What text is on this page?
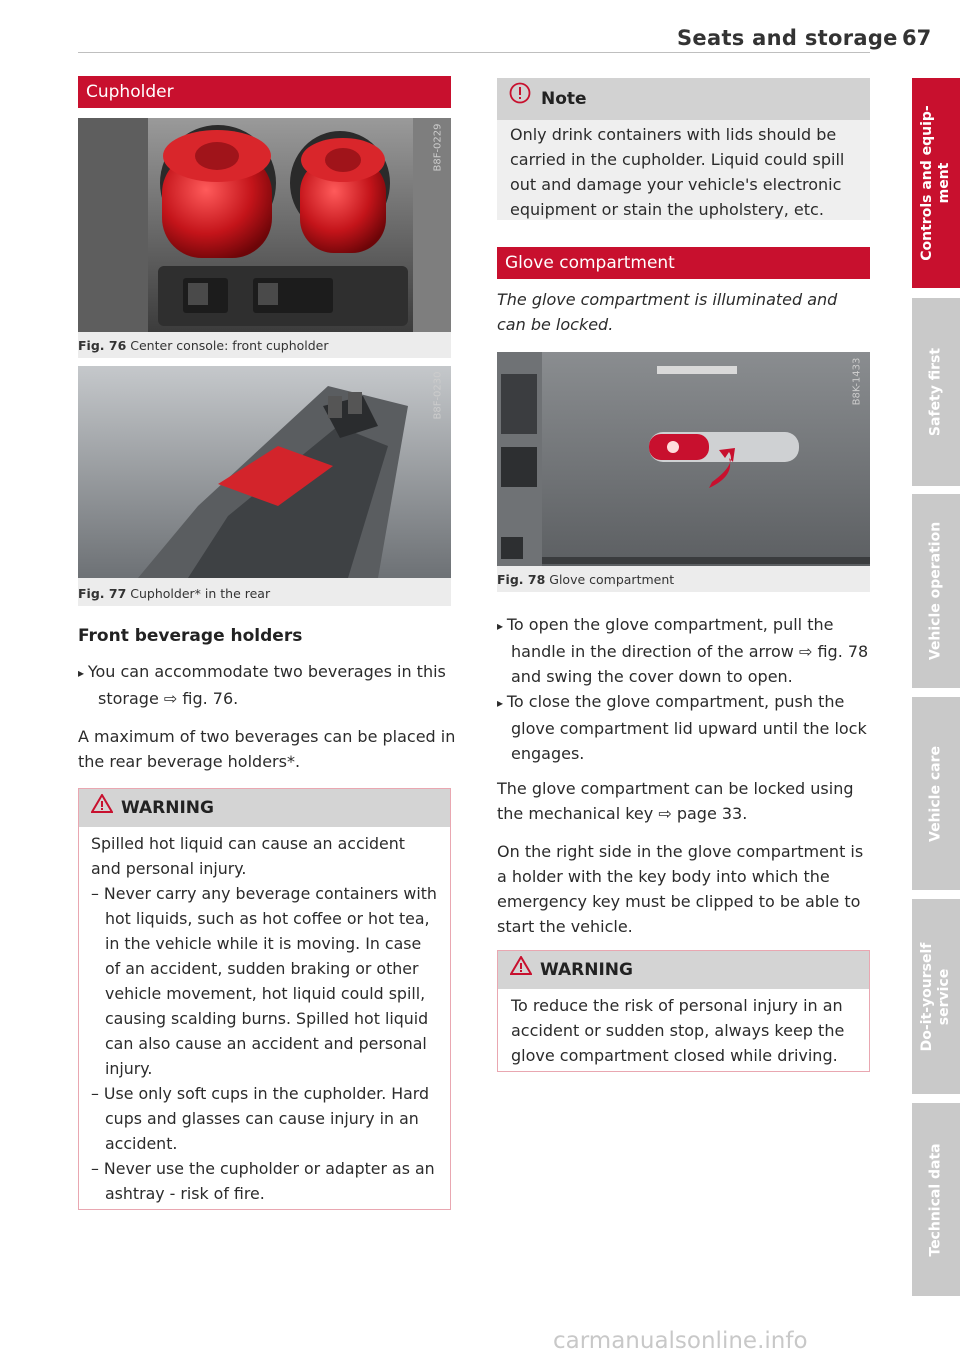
Seats and storage 67
Cupholder
B8F-0229
Fig. 76 Center console: front cupholder
B8F-0230
Fig. 77 Cupholder* in the rear
Front beverage holders
▸ You can accommodate two beverages in this
storage ⇨ fig. 76.
A maximum of two beverages can be placed in
the rear beverage holders*.
WARNING
Spilled hot liquid can cause an accident
and personal injury.
– Never carry any beverage containers with
hot liquids, such as hot coffee or hot tea,
in the vehicle while it is moving. In case
of an accident, sudden braking or other
vehicle movement, hot liquid could spill,
causing scalding burns. Spilled hot liquid
can also cause an accident and personal
injury.
– Use only soft cups in the cupholder. Hard
cups and glasses can cause injury in an
accident.
– Never use the cupholder or adapter as an
ashtray - risk of fire.
Note
Only drink containers with lids should be
carried in the cupholder. Liquid could spill
out and damage your vehicle's electronic
equipment or stain the upholstery, etc.
Glove compartment
The glove compartment is illuminated and
can be locked.
B8K-1433
Fig. 78 Glove compartment
▸ To open the glove compartment, pull the
handle in the direction of the arrow ⇨ fig. 78
and swing the cover down to open.
▸ To close the glove compartment, push the
glove compartment lid upward until the lock
engages.
The glove compartment can be locked using
the mechanical key ⇨ page 33.
On the right side in the glove compartment is
a holder with the key body into which the
emergency key must be clipped to be able to
start the vehicle.
WARNING
To reduce the risk of personal injury in an
accident or sudden stop, always keep the
glove compartment closed while driving.
Controls and equip- ment
Safety first
Vehicle operation
Vehicle care
Do-it-yourself service
Technical data
carmanualsonline.info
